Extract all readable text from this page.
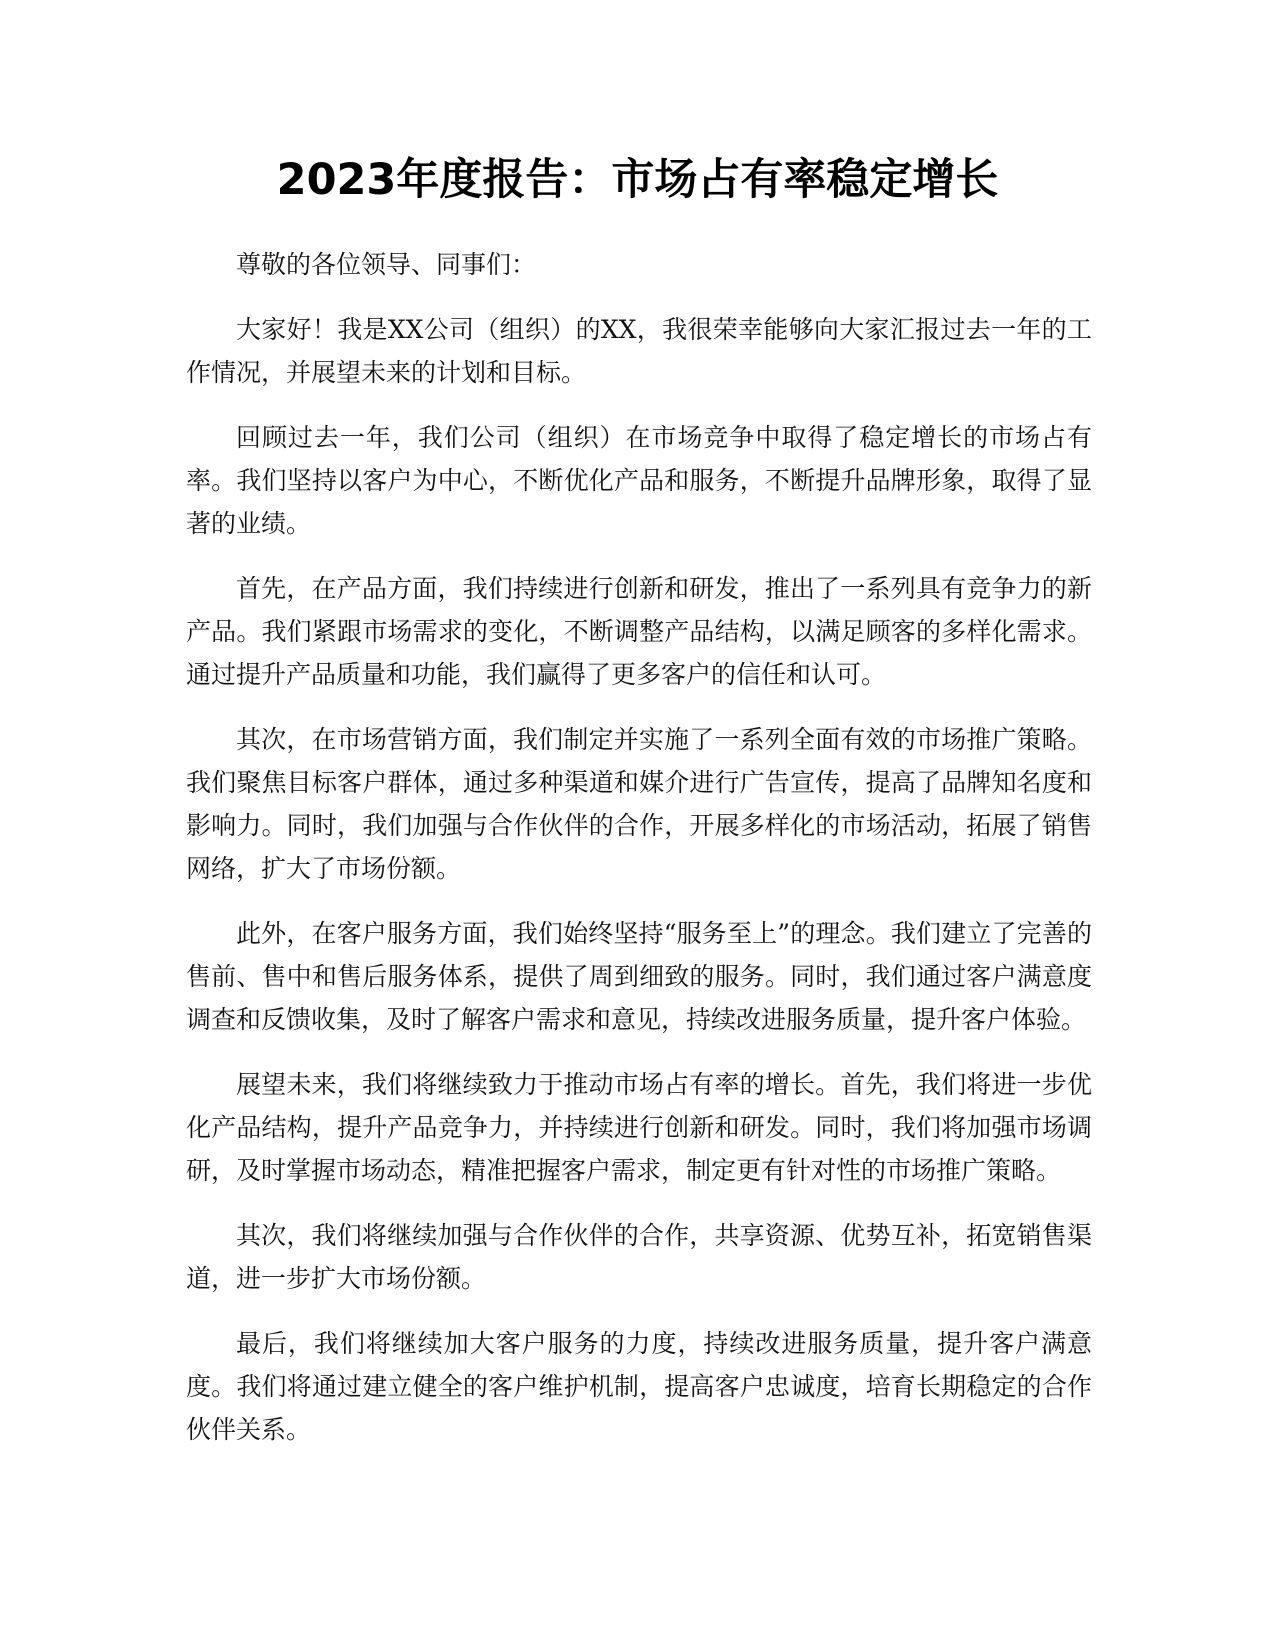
2023年度报告：市场占有率稳定增长

尊敬的各位领导、同事们：

大家好！我是XX公司（组织）的XX，我很荣幸能够向大家汇报过去一年的工作情况，并展望未来的计划和目标。

回顾过去一年，我们公司（组织）在市场竞争中取得了稳定增长的市场占有率。我们坚持以客户为中心，不断优化产品和服务，不断提升品牌形象，取得了显著的业绩。

首先，在产品方面，我们持续进行创新和研发，推出了一系列具有竞争力的新产品。我们紧跟市场需求的变化，不断调整产品结构，以满足顾客的多样化需求。通过提升产品质量和功能，我们赢得了更多客户的信任和认可。

其次，在市场营销方面，我们制定并实施了一系列全面有效的市场推广策略。我们聚焦目标客户群体，通过多种渠道和媒介进行广告宣传，提高了品牌知名度和影响力。同时，我们加强与合作伙伴的合作，开展多样化的市场活动，拓展了销售网络，扩大了市场份额。

此外，在客户服务方面，我们始终坚持“服务至上”的理念。我们建立了完善的售前、售中和售后服务体系，提供了周到细致的服务。同时，我们通过客户满意度调查和反馈收集，及时了解客户需求和意见，持续改进服务质量，提升客户体验。

展望未来，我们将继续致力于推动市场占有率的增长。首先，我们将进一步优化产品结构，提升产品竞争力，并持续进行创新和研发。同时，我们将加强市场调研，及时掌握市场动态，精准把握客户需求，制定更有针对性的市场推广策略。

其次，我们将继续加强与合作伙伴的合作，共享资源、优势互补，拓宽销售渠道，进一步扩大市场份额。

最后，我们将继续加大客户服务的力度，持续改进服务质量，提升客户满意度。我们将通过建立健全的客户维护机制，提高客户忠诚度，培育长期稳定的合作伙伴关系。
